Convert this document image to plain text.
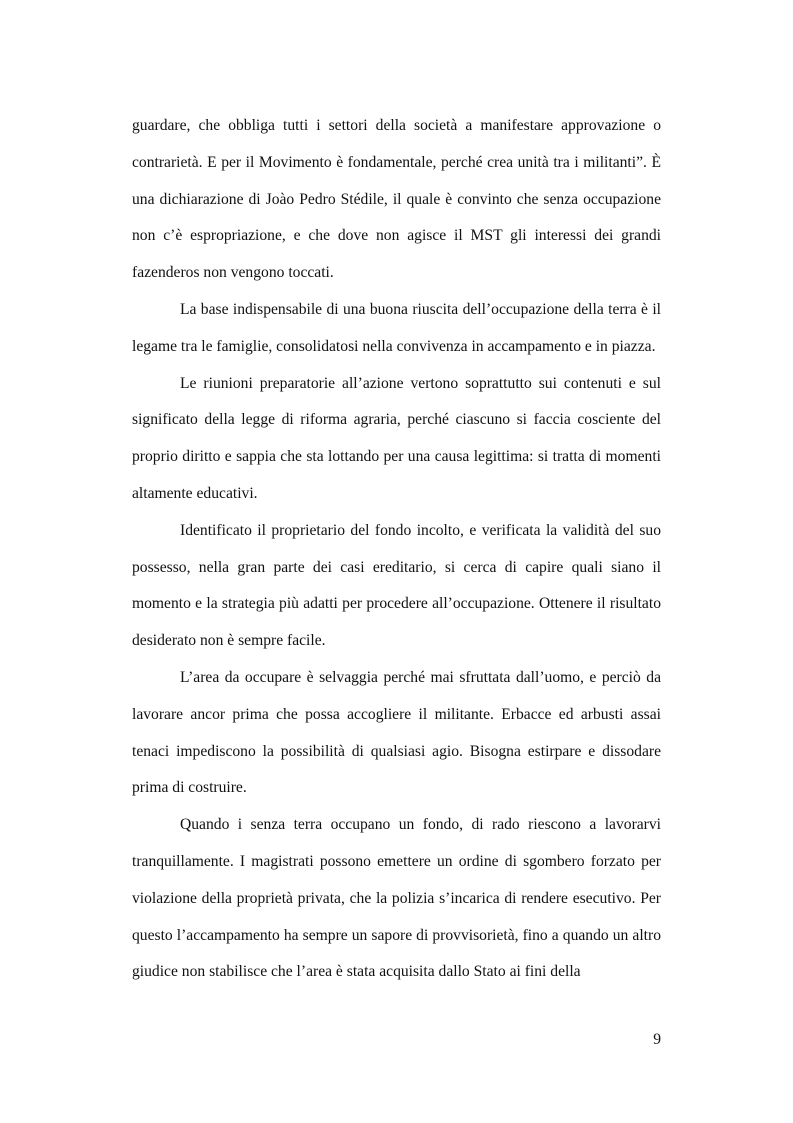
guardare, che obbliga tutti i settori della società a manifestare approvazione o contrarietà. E per il Movimento è fondamentale, perché crea unità tra i militanti”. È una dichiarazione di Joào Pedro Stédile, il quale è convinto che senza occupazione non c’è espropriazione, e che dove non agisce il MST gli interessi dei grandi fazenderos non vengono toccati.

La base indispensabile di una buona riuscita dell’occupazione della terra è il legame tra le famiglie, consolidatosi nella convivenza in accampamento e in piazza.

Le riunioni preparatorie all’azione vertono soprattutto sui contenuti e sul significato della legge di riforma agraria, perché ciascuno si faccia cosciente del proprio diritto e sappia che sta lottando per una causa legittima: si tratta di momenti altamente educativi.

Identificato il proprietario del fondo incolto, e verificata la validità del suo possesso, nella gran parte dei casi ereditario, si cerca di capire quali siano il momento e la strategia più adatti per procedere all’occupazione. Ottenere il risultato desiderato non è sempre facile.

L’area da occupare è selvaggia perché mai sfruttata dall’uomo, e perciò da lavorare ancor prima che possa accogliere il militante. Erbacce ed arbusti assai tenaci impediscono la possibilità di qualsiasi agio. Bisogna estirpare e dissodare prima di costruire.

Quando i senza terra occupano un fondo, di rado riescono a lavorarvi tranquillamente. I magistrati possono emettere un ordine di sgombero forzato per violazione della proprietà privata, che la polizia s’incarica di rendere esecutivo. Per questo l’accampamento ha sempre un sapore di provvisorietà, fino a quando un altro giudice non stabilisce che l’area è stata acquisita dallo Stato ai fini della

9
